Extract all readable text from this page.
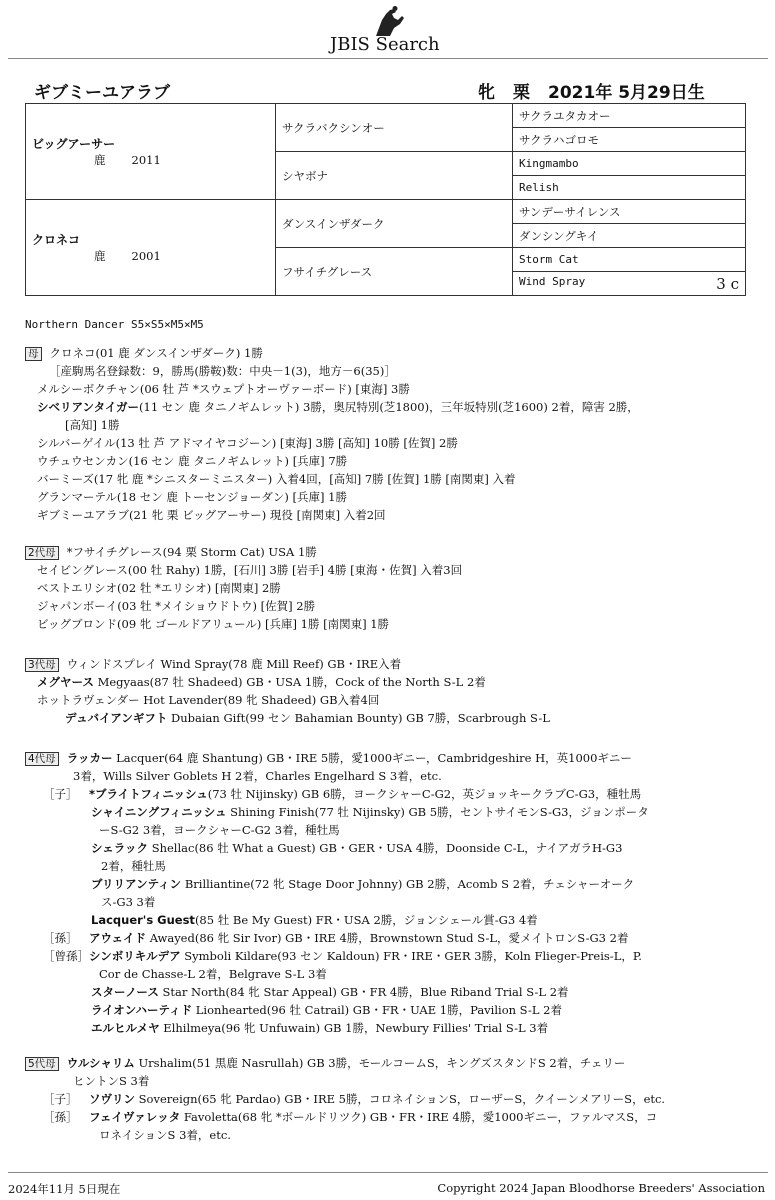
JBIS Search
ギブミーユアラブ	牝 栗 2021年 5月29日生
ビッグアーサー
鹿 2011	サクラバクシンオー	サクラユタカオー
		サクラハゴロモ
	シヤボナ	Kingmambo
		Relish

クロネコ
鹿 2001	ダンスインザダーク	サンデーサイレンス
		ダンシングキイ
	フサイチグレース	Storm Cat
		Wind Spray 3 c
Northern Dancer S5×S5×M5×M5
母 クロネコ(01 鹿 ダンスインザダーク) 1勝
［産駒馬名登録数：9，勝馬(勝鞍)数：中央－1(3)，地方－6(35)］
メルシーボクチャン(06 牡 芦 *スウェプトオーヴァーボード) [東海] 3勝
シベリアンタイガー(11 セン 鹿 タニノギムレット) 3勝，奥尻特別(芝1800)，三年坂特別(芝1600) 2着，障害 2勝，
[高知] 1勝
シルバーゲイル(13 牡 芦 アドマイヤコジーン) [東海] 3勝 [高知] 10勝 [佐賀] 2勝
ウチュウセンカン(16 セン 鹿 タニノギムレット) [兵庫] 7勝
バーミーズ(17 牝 鹿 *シニスターミニスター) 入着4回，[高知] 7勝 [佐賀] 1勝 [南関東] 入着
グランマーテル(18 セン 鹿 トーセンジョーダン) [兵庫] 1勝
ギブミーユアラブ(21 牝 栗 ビッグアーサー) 現役 [南関東] 入着2回
2代母 *フサイチグレース(94 栗 Storm Cat) USA 1勝
セイビングレース(00 牡 Rahy) 1勝，[石川] 3勝 [岩手] 4勝 [東海・佐賀] 入着3回
ベストエリシオ(02 牡 *エリシオ) [南関東] 2勝
ジャパンボーイ(03 牡 *メイショウドトウ) [佐賀] 2勝
ビッグブロンド(09 牝 ゴールドアリュール) [兵庫] 1勝 [南関東] 1勝
3代母 ウィンドスプレイ Wind Spray(78 鹿 Mill Reef) GB・IRE入着
メグヤース Megyaas(87 牡 Shadeed) GB・USA 1勝，Cock of the North S-L 2着
ホットラヴェンダー Hot Lavender(89 牝 Shadeed) GB入着4回
デュバイアンギフト Dubaian Gift(99 セン Bahamian Bounty) GB 7勝，Scarbrough S-L
4代母 ラッカー Lacquer(64 鹿 Shantung) GB・IRE 5勝，愛1000ギニー，Cambridgeshire H，英1000ギニー
3着，Wills Silver Goblets H 2着，Charles Engelhard S 3着，etc.
［子］ *ブライトフィニッシュ(73 牡 Nijinsky) GB 6勝，ヨークシャーC-G2，英ジョッキークラブC-G3，種牡馬
シャイニングフィニッシュ Shining Finish(77 牡 Nijinsky) GB 5勝，セントサイモンS-G3，ジョンポータ
ーS-G2 3着，ヨークシャーC-G2 3着，種牡馬
シェラック Shellac(86 牡 What a Guest) GB・GER・USA 4勝，Doonside C-L，ナイアガラH-G3
2着，種牡馬
ブリリアンティン Brilliantine(72 牝 Stage Door Johnny) GB 2勝，Acomb S 2着，チェシャーオーク
ス-G3 3着
Lacquer's Guest(85 牡 Be My Guest) FR・USA 2勝，ジョンシェール賞-G3 4着
［孫］ アウェイド Awayed(86 牝 Sir Ivor) GB・IRE 4勝，Brownstown Stud S-L，愛メイトロンS-G3 2着
［曾孫］シンボリキルデア Symboli Kildare(93 セン Kaldoun) FR・IRE・GER 3勝，Koln Flieger-Preis-L，P.
Cor de Chasse-L 2着，Belgrave S-L 3着
スターノース Star North(84 牝 Star Appeal) GB・FR 4勝，Blue Riband Trial S-L 2着
ライオンハーティド Lionhearted(96 牡 Catrail) GB・FR・UAE 1勝，Pavilion S-L 2着
エルヒルメヤ Elhilmeya(96 牝 Unfuwain) GB 1勝，Newbury Fillies' Trial S-L 3着
5代母 ウルシャリム Urshalim(51 黒鹿 Nasrullah) GB 3勝，モールコームS，キングズスタンドS 2着，チェリー
ヒントンS 3着
［子］ ソヴリン Sovereign(65 牝 Pardao) GB・IRE 5勝，コロネイションS，ローザーS，クイーンメアリーS，etc.
［孫］ フェイヴァレッタ Favoletta(68 牝 *ボールドリツク) GB・FR・IRE 4勝，愛1000ギニー，ファルマスS，コ
ロネイションS 3着，etc.
2024年11月 5日現在	Copyright 2024 Japan Bloodhorse Breeders' Association
